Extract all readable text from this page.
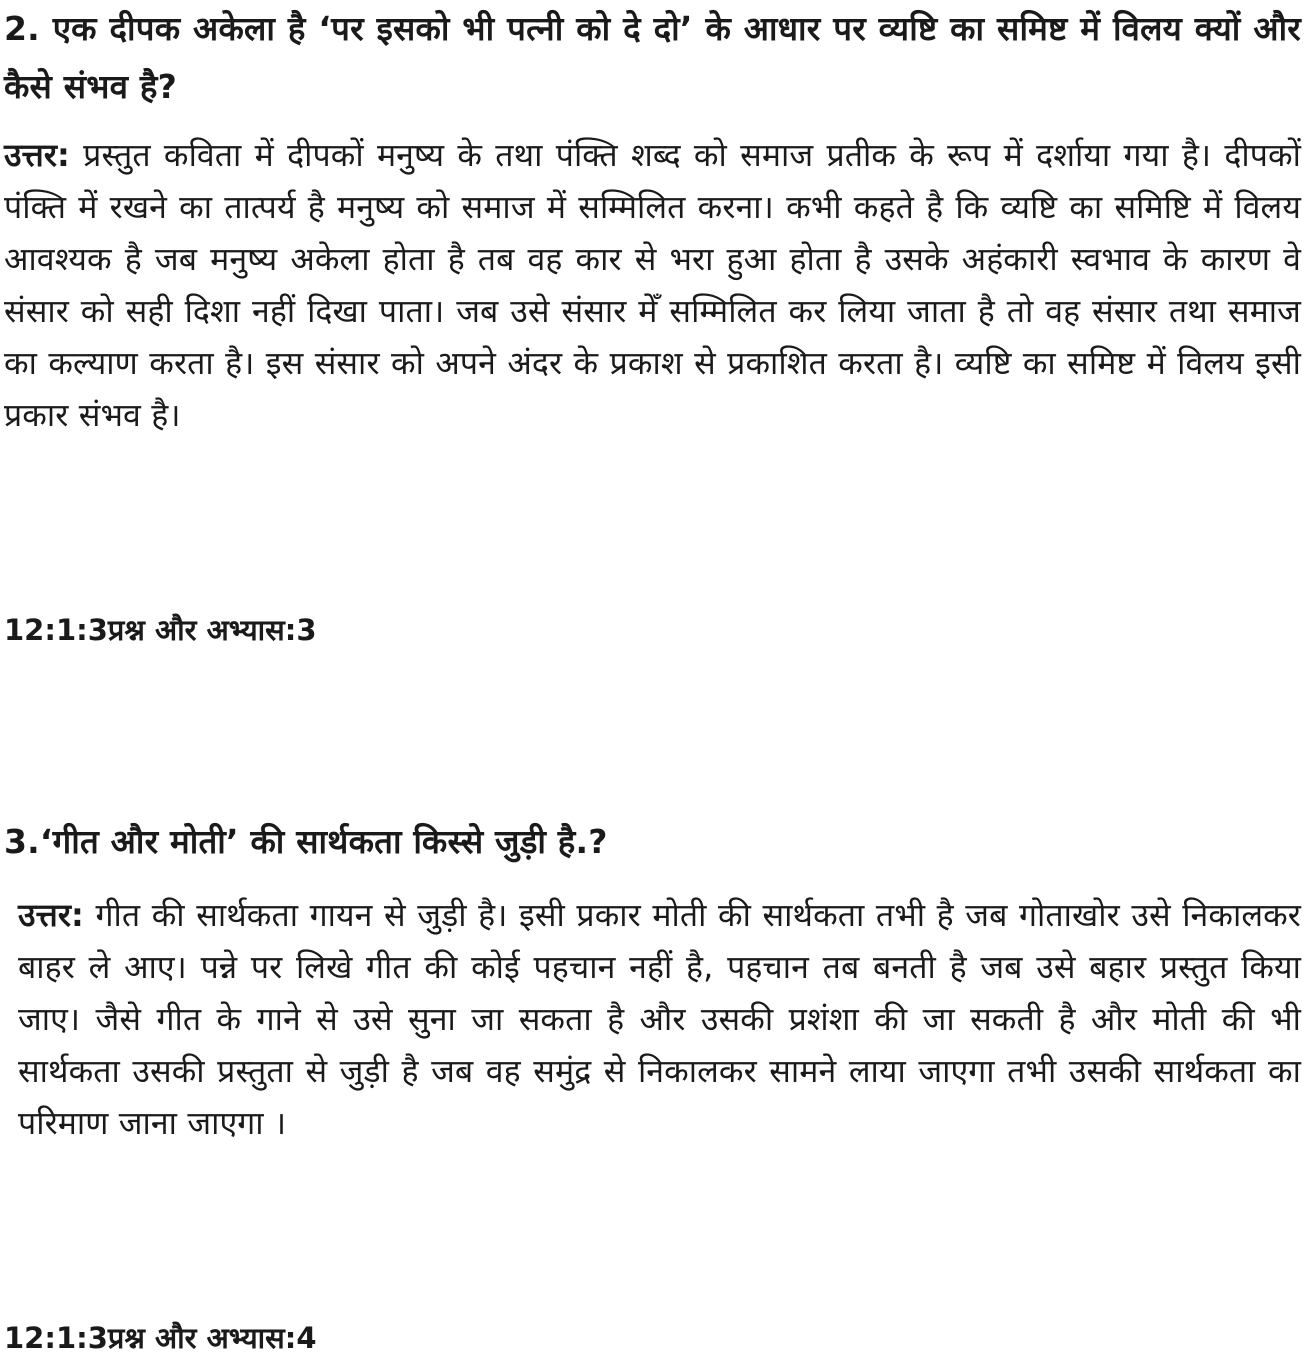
2. एक दीपक अकेला है ‘पर इसको भी पत्नी को दे दो’ के आधार पर व्यष्टि का समिष्ट में विलय क्यों और कैसे संभव है?

उत्तर: प्रस्तुत कविता में दीपकों मनुष्य के तथा पंक्ति शब्द को समाज प्रतीक के रूप में दर्शाया गया है। दीपकों पंक्ति में रखने का तात्पर्य है मनुष्य को समाज में सम्मिलित करना। कभी कहते है कि व्यष्टि का समिष्टि में विलय आवश्यक है जब मनुष्य अकेला होता है तब वह कार से भरा हुआ होता है उसके अहंकारी स्वभाव के कारण वे संसार को सही दिशा नहीं दिखा पाता। जब उसे संसार मेँ सम्मिलित कर लिया जाता है तो वह संसार तथा समाज का कल्याण करता है। इस संसार को अपने अंदर के प्रकाश से प्रकाशित करता है। व्यष्टि का समिष्ट में विलय इसी प्रकार संभव है।

12:1:3प्रश्न और अभ्यास:3

3.‘गीत और मोती’ की सार्थकता किस्से जुड़ी है.?

उत्तर: गीत की सार्थकता गायन से जुड़ी है। इसी प्रकार मोती की सार्थकता तभी है जब गोताखोर उसे निकालकर बाहर ले आए। पन्ने पर लिखे गीत की कोई पहचान नहीं है, पहचान तब बनती है जब उसे बहार प्रस्तुत किया जाए। जैसे गीत के गाने से उसे सुना जा सकता है और उसकी प्रशंशा की जा सकती है और मोती की भी सार्थकता उसकी प्रस्तुता से जुड़ी है जब वह समुंद्र से निकालकर सामने लाया जाएगा तभी उसकी सार्थकता का परिमाण जाना जाएगा ।

12:1:3प्रश्न और अभ्यास:4
